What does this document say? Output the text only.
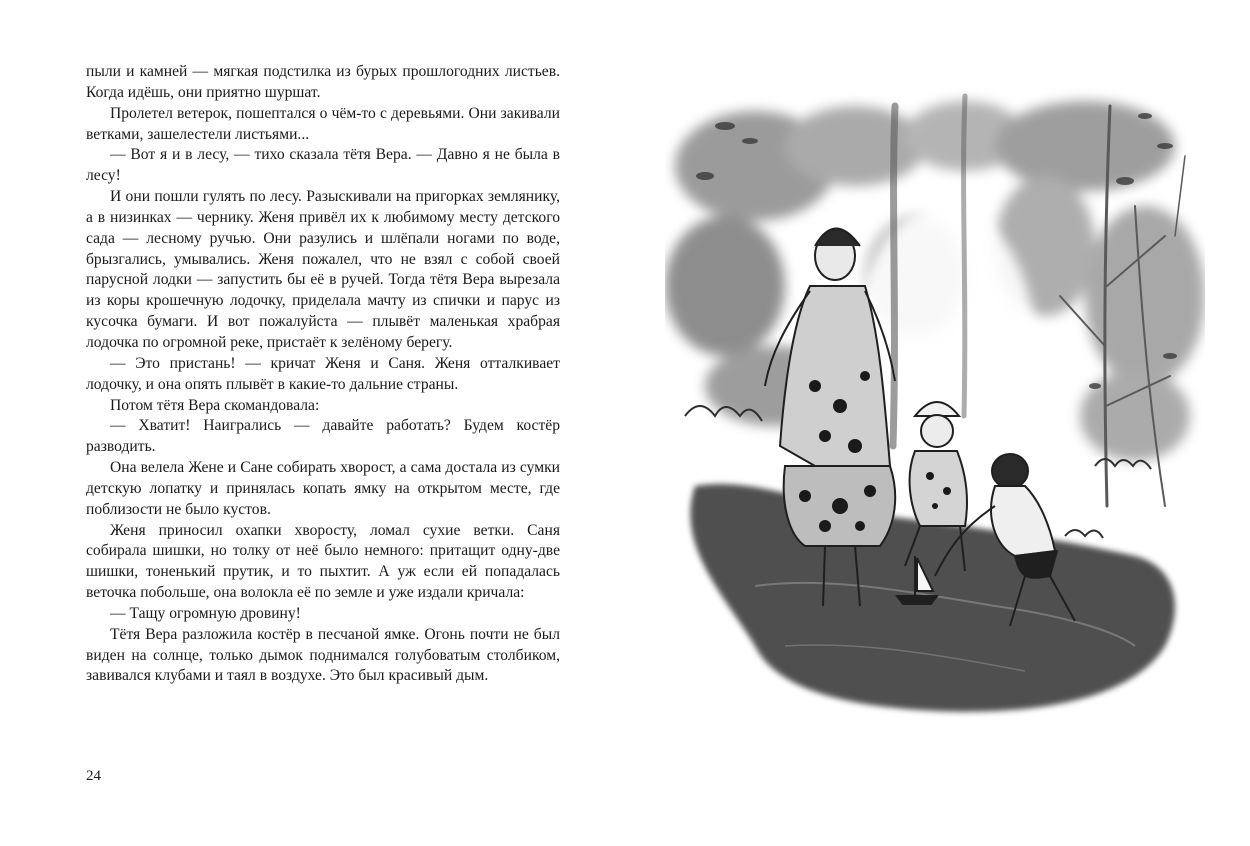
пыли и камней — мягкая подстилка из бурых прошлогодних листьев. Когда идёшь, они приятно шуршат.

Пролетел ветерок, пошептался о чём-то с деревьями. Они закивали ветками, зашелестели листьями...

— Вот я и в лесу, — тихо сказала тётя Вера. — Давно я не была в лесу!

И они пошли гулять по лесу. Разыскивали на пригорках землянику, а в низинках — чернику. Женя привёл их к любимому месту детского сада — лесному ручью. Они разулись и шлёпали ногами по воде, брызгались, умывались. Женя пожалел, что не взял с собой своей парусной лодки — запустить бы её в ручей. Тогда тётя Вера вырезала из коры крошечную лодочку, приделала мачту из спички и парус из кусочка бумаги. И вот пожалуйста — плывёт маленькая храбрая лодочка по огромной реке, пристаёт к зелёному берегу.

— Это пристань! — кричат Женя и Саня. Женя отталкивает лодочку, и она опять плывёт в какие-то дальние страны.

Потом тётя Вера скомандовала:

— Хватит! Наигрались — давайте работать? Будем костёр разводить.

Она велела Жене и Сане собирать хворост, а сама достала из сумки детскую лопатку и принялась копать ямку на открытом месте, где поблизости не было кустов.

Женя приносил охапки хворосту, ломал сухие ветки. Саня собирала шишки, но толку от неё было немного: притащит одну-две шишки, тоненький прутик, и то пыхтит. А уж если ей попадалась веточка побольше, она волокла её по земле и уже издали кричала:

— Тащу огромную дровину!

Тётя Вера разложила костёр в песчаной ямке. Огонь почти не был виден на солнце, только дымок поднимался голубоватым столбиком, завивался клубами и таял в воздухе. Это был красивый дым.

24
